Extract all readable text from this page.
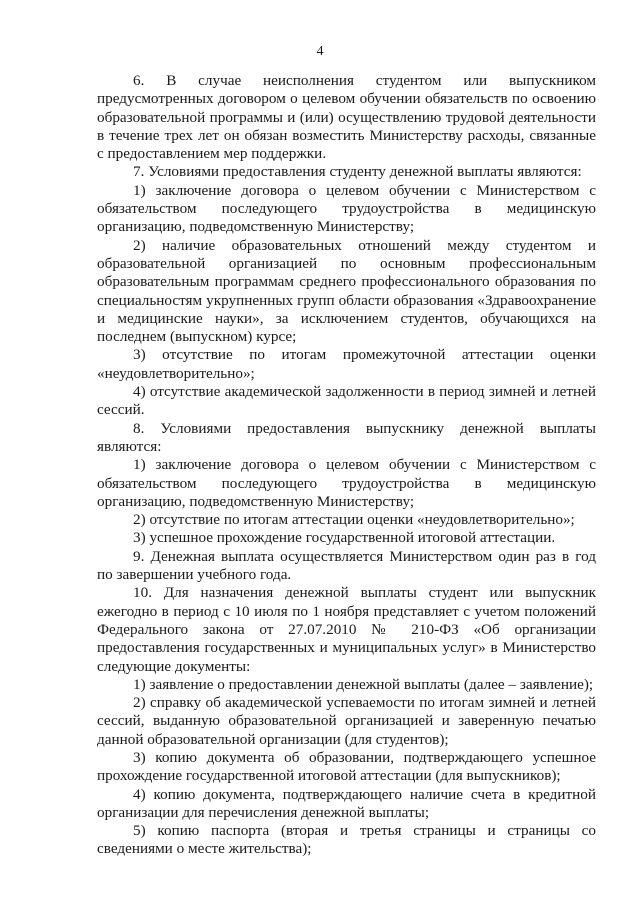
4

6. В случае неисполнения студентом или выпускником предусмотренных договором о целевом обучении обязательств по освоению образовательной программы и (или) осуществлению трудовой деятельности в течение трех лет он обязан возместить Министерству расходы, связанные с предоставлением мер поддержки.

7. Условиями предоставления студенту денежной выплаты являются:

1) заключение договора о целевом обучении с Министерством с обязательством последующего трудоустройства в медицинскую организацию, подведомственную Министерству;

2) наличие образовательных отношений между студентом и образовательной организацией по основным профессиональным образовательным программам среднего профессионального образования по специальностям укрупненных групп области образования «Здравоохранение и медицинские науки», за исключением студентов, обучающихся на последнем (выпускном) курсе;

3) отсутствие по итогам промежуточной аттестации оценки «неудовлетворительно»;

4) отсутствие академической задолженности в период зимней и летней сессий.

8. Условиями предоставления выпускнику денежной выплаты являются:

1) заключение договора о целевом обучении с Министерством с обязательством последующего трудоустройства в медицинскую организацию, подведомственную Министерству;

2) отсутствие по итогам аттестации оценки «неудовлетворительно»;

3) успешное прохождение государственной итоговой аттестации.

9. Денежная выплата осуществляется Министерством один раз в год по завершении учебного года.

10. Для назначения денежной выплаты студент или выпускник ежегодно в период с 10 июля по 1 ноября представляет с учетом положений Федерального закона от 27.07.2010 № 210-ФЗ «Об организации предоставления государственных и муниципальных услуг» в Министерство следующие документы:

1) заявление о предоставлении денежной выплаты (далее – заявление);

2) справку об академической успеваемости по итогам зимней и летней сессий, выданную образовательной организацией и заверенную печатью данной образовательной организации (для студентов);

3) копию документа об образовании, подтверждающего успешное прохождение государственной итоговой аттестации (для выпускников);

4) копию документа, подтверждающего наличие счета в кредитной организации для перечисления денежной выплаты;

5) копию паспорта (вторая и третья страницы и страницы со сведениями о месте жительства);
